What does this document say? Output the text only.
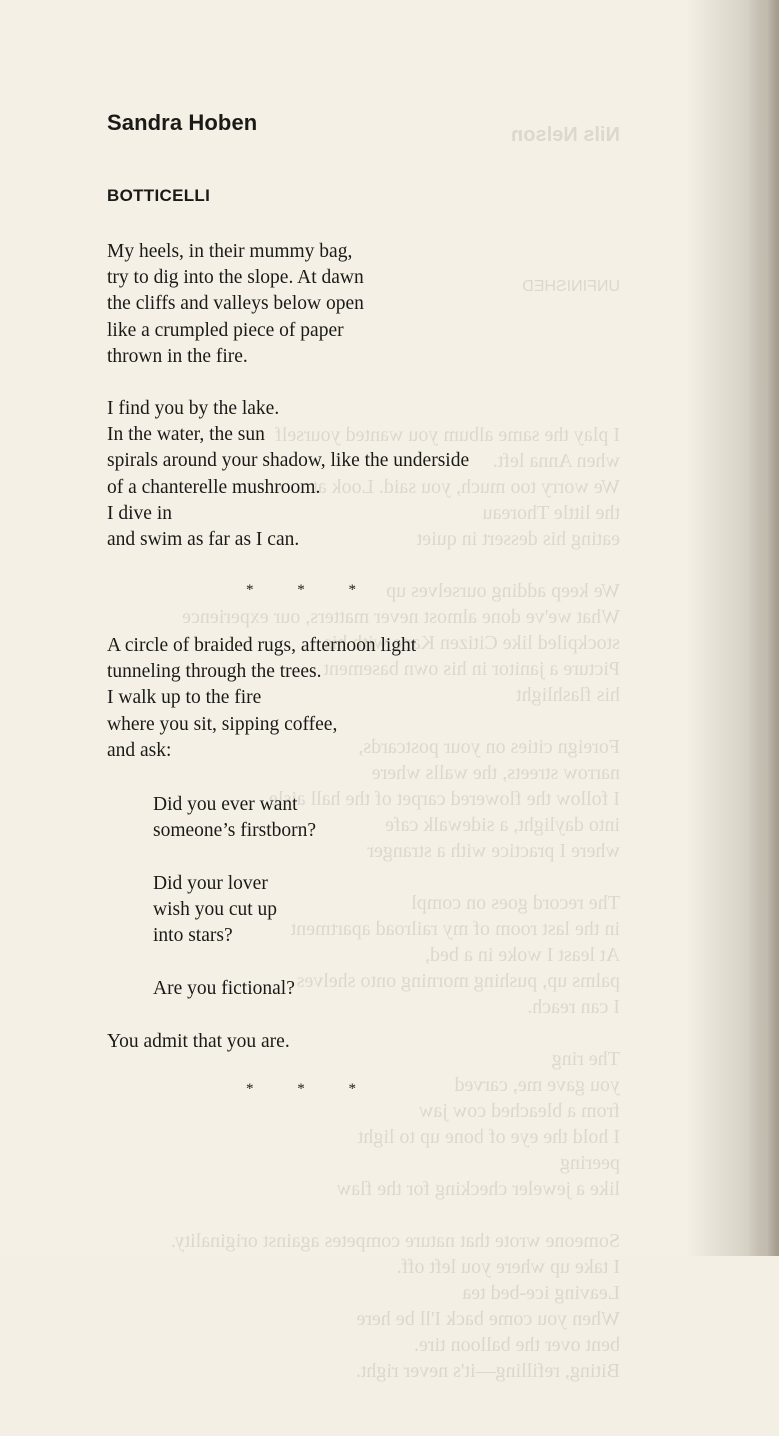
Nils Nelson

UNFINISHED

I play the same album you wanted yourself
when Anna left.
We worry too much, you said. Look at
the little Thoreau
eating his dessert in quiet

We keep adding ourselves up
What we've done almost never matters, our experience
stockpiled like Citizen Kane with his
Picture a janitor in his own basement
his flashlight

Foreign cities on your postcards,
narrow streets, the walls where
I follow the flowered carpet of the hall aisle
into daylight, a sidewalk cafe
where I practice with a stranger

The record goes on compl
in the last room of my railroad apartment
At least I woke in a bed,
palms up, pushing morning onto shelves
I can reach.

The ring
you gave me, carved
from a bleached cow jaw
I hold the eye of bone up to light
peering
like a jeweler checking for the flaw

Someone wrote that nature competes against originality.
I take up where you left off.
Leaving ice-bed tea
When you come back I'll be here
bent over the balloon tire.
Biting, refilling—it's never right.

Sandra Hoben
BOTTICELLI

My heels, in their mummy bag,
try to dig into the slope. At dawn
the cliffs and valleys below open
like a crumpled piece of paper
thrown in the fire.

I find you by the lake.
In the water, the sun
spirals around your shadow, like the underside
of a chanterelle mushroom.
I dive in
and swim as far as I can.

* * *

A circle of braided rugs, afternoon light
tunneling through the trees.
I walk up to the fire
where you sit, sipping coffee,
and ask:

Did you ever want
someone’s firstborn?

Did your lover
wish you cut up
into stars?

Are you fictional?

You admit that you are.

* * *
